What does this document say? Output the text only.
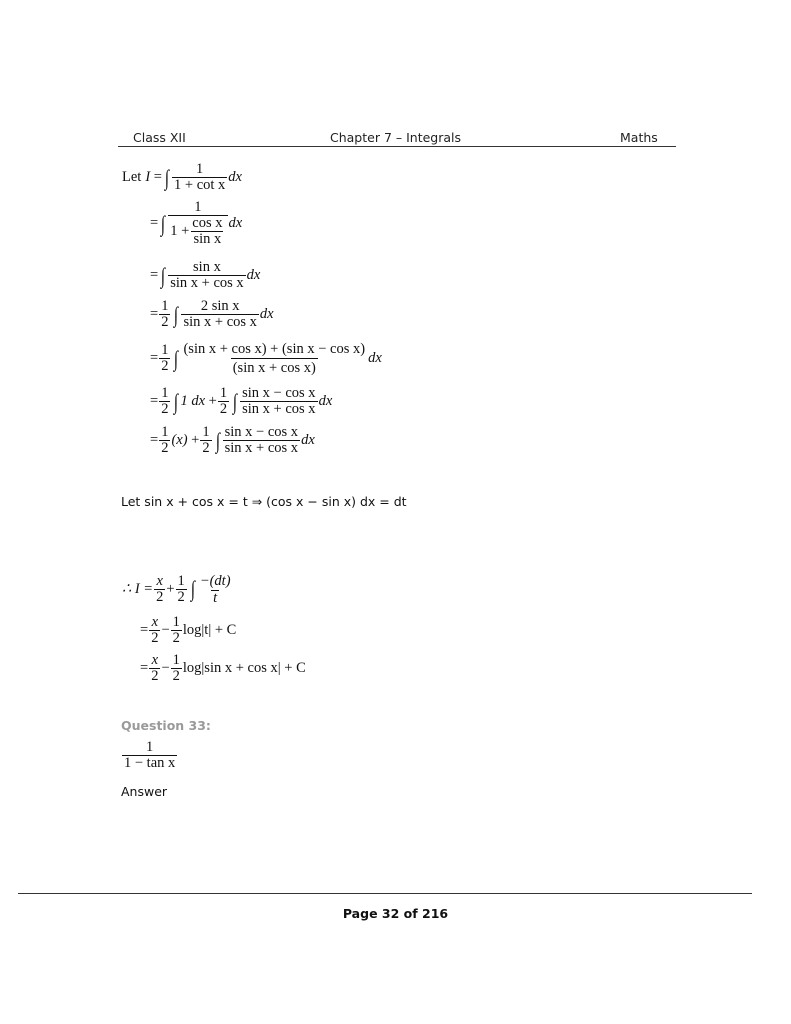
Class XII	Chapter 7 – Integrals	Maths
Let I = ∫ $\frac{1}{\text{1 + cot x}}$ dx
= ∫ $\frac{1}{1 + \frac{\text{cos x}}{\text{sin x}}}$ dx
= ∫ $\frac{\text{sin x}}{\text{sin x + cos x}}$ dx
= $\frac{1}{2}$ ∫ $\frac{\text{2 sin x}}{\text{sin x + cos x}}$ dx
= $\frac{1}{2}$ ∫ $\frac{\text{(sin x + cos x) + (sin x − cos x)}}{\text{(sin x + cos x)}}$ dx
= $\frac{1}{2}$ ∫ 1 dx + $\frac{1}{2}$ ∫ $\frac{\text{sin x − cos x}}{\text{sin x + cos x}}$ dx
= $\frac{1}{2} (x) + \frac{1}{2}$ ∫ $\frac{\text{sin x − cos x}}{\text{sin x + cos x}}$ dx
Let sin x + cos x = t ⇒ (cos x − sin x) dx = dt
∴ $I = \frac{x}{2} + \frac{1}{2}$ ∫ $\frac{-(dt)}{t}$
= $\frac{x}{2} - \frac{1}{2} \log|t| + C$
= $\frac{x}{2} - \frac{1}{2} \log|\sin$ x + cos x| + C
Question 33:
$\frac{1}{\text{1 − tan x}}$
Answer
Page 32 of 216
